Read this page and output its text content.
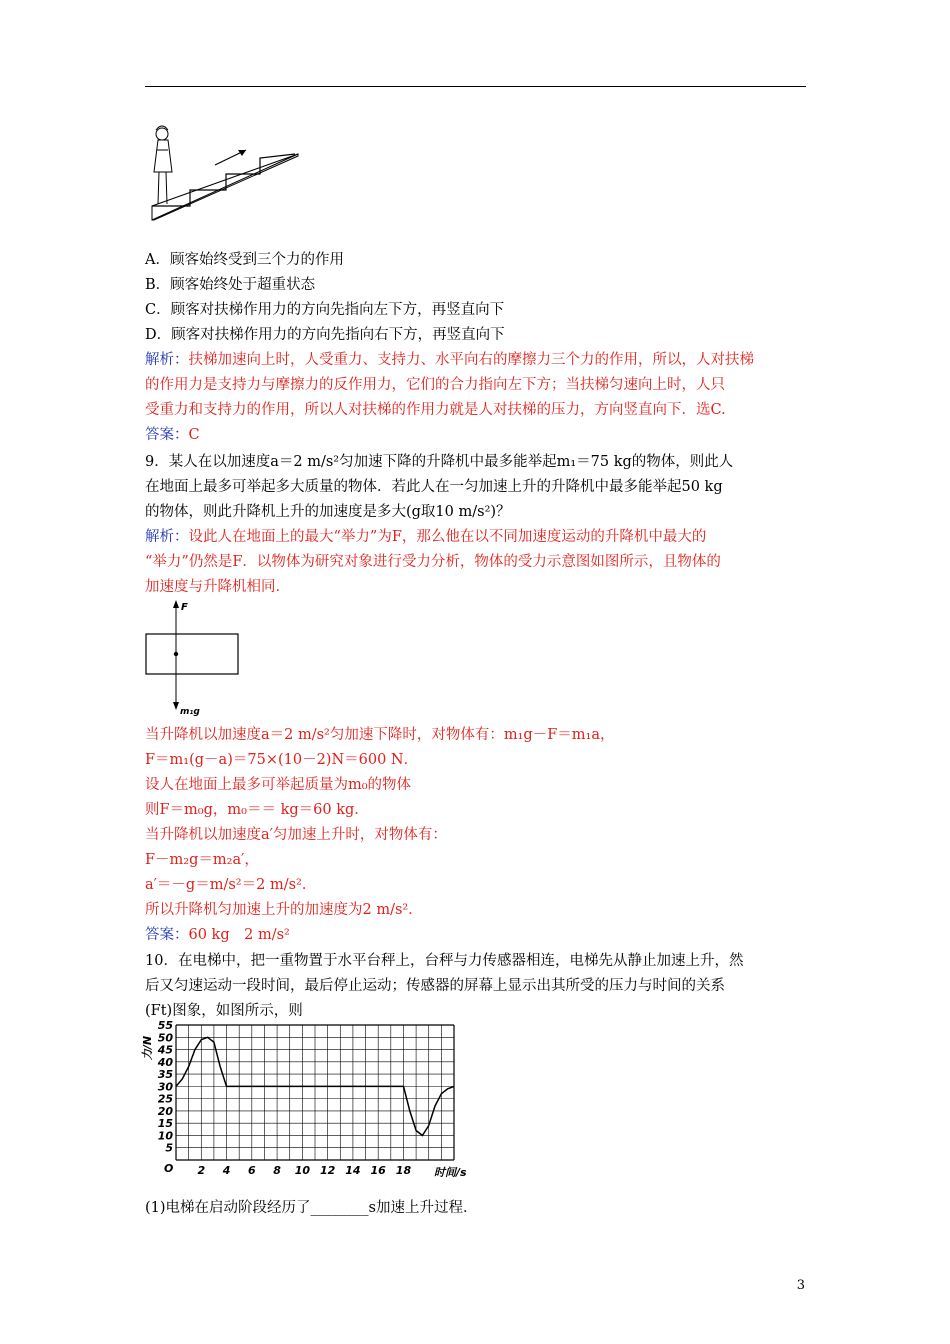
A．顾客始终受到三个力的作用
B．顾客始终处于超重状态
C．顾客对扶梯作用力的方向先指向左下方，再竖直向下
D．顾客对扶梯作用力的方向先指向右下方，再竖直向下
解析：扶梯加速向上时，人受重力、支持力、水平向右的摩擦力三个力的作用，所以，人对扶梯
的作用力是支持力与摩擦力的反作用力，它们的合力指向左下方；当扶梯匀速向上时，人只
受重力和支持力的作用，所以人对扶梯的作用力就是人对扶梯的压力，方向竖直向下．选C.
答案：C
9．某人在以加速度a＝2 m/s²匀加速下降的升降机中最多能举起m₁＝75 kg的物体，则此人
在地面上最多可举起多大质量的物体．若此人在一匀加速上升的升降机中最多能举起50 kg
的物体，则此升降机上升的加速度是多大(g取10 m/s²)？
解析：设此人在地面上的最大“举力”为F，那么他在以不同加速度运动的升降机中最大的
“举力”仍然是F．以物体为研究对象进行受力分析，物体的受力示意图如图所示，且物体的
加速度与升降机相同．
F
m₁g
当升降机以加速度a＝2 m/s²匀加速下降时，对物体有：m₁g－F＝m₁a，
F＝m₁(g－a)＝75×(10－2)N＝600 N．
设人在地面上最多可举起质量为m₀的物体
则F＝m₀g，m₀＝＝ kg＝60 kg．
当升降机以加速度a′匀加速上升时，对物体有：
F－m₂g＝m₂a′，
a′＝－g＝m/s²＝2 m/s²．
所以升降机匀加速上升的加速度为2 m/s²．
答案：60 kg　2 m/s²
10．在电梯中，把一重物置于水平台秤上，台秤与力传感器相连，电梯先从静止加速上升，然
后又匀速运动一段时间，最后停止运动；传感器的屏幕上显示出其所受的压力与时间的关系
(Ft)图象，如图所示，则
5
10
15
20
25
30
35
40
45
50
55
2 4 6 8 10 12 14 16 18
力/N
时间/s
O
(1)电梯在启动阶段经历了________s加速上升过程．
3
